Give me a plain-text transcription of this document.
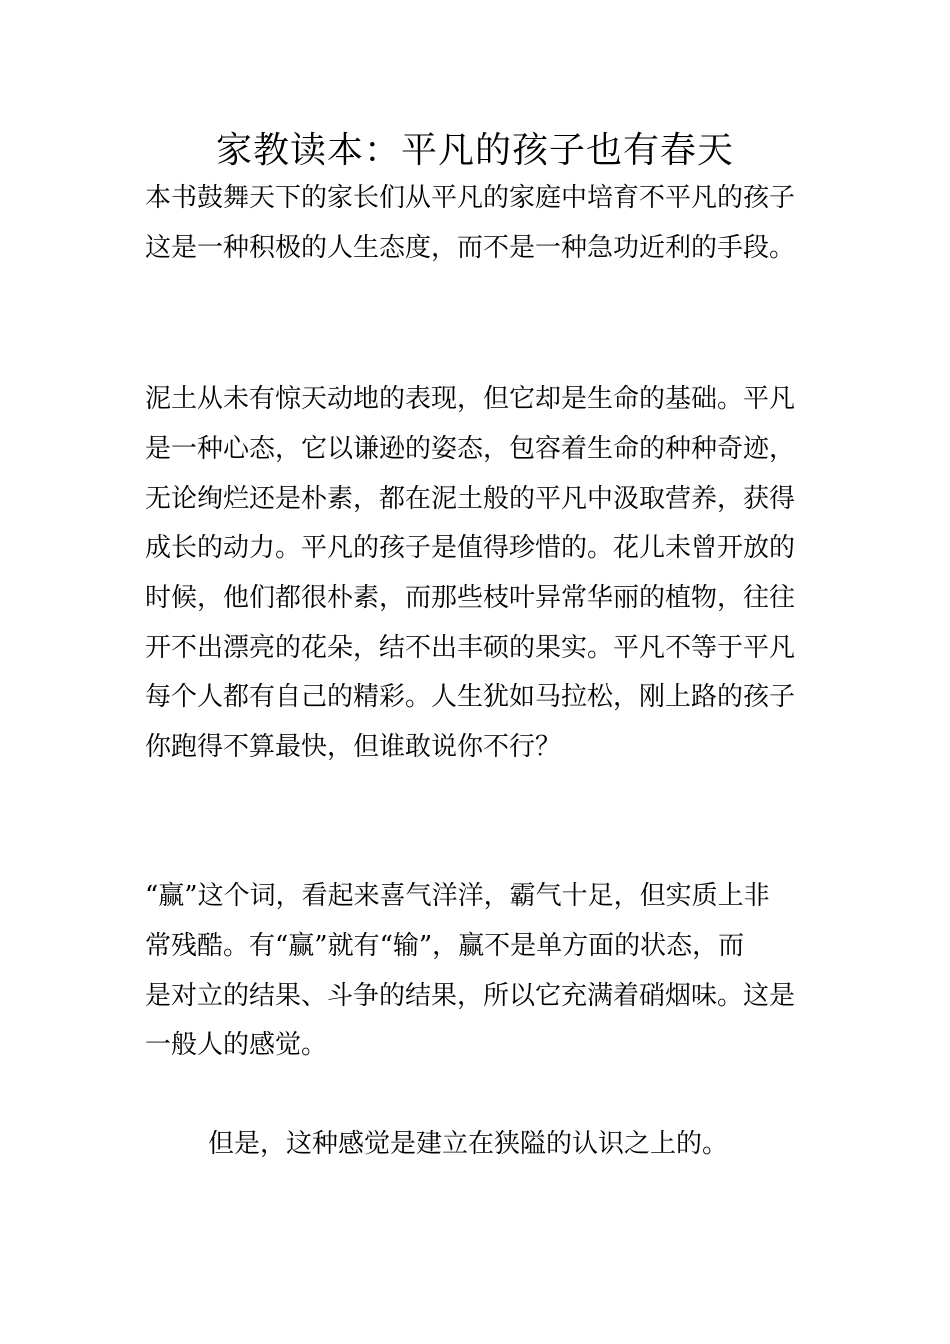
家教读本：平凡的孩子也有春天
本书鼓舞天下的家长们从平凡的家庭中培育不平凡的孩子
这是一种积极的人生态度，而不是一种急功近利的手段。
泥土从未有惊天动地的表现，但它却是生命的基础。平凡
是一种心态，它以谦逊的姿态，包容着生命的种种奇迹，
无论绚烂还是朴素，都在泥土般的平凡中汲取营养，获得
成长的动力。平凡的孩子是值得珍惜的。花儿未曾开放的
时候，他们都很朴素，而那些枝叶异常华丽的植物，往往
开不出漂亮的花朵，结不出丰硕的果实。平凡不等于平凡
每个人都有自己的精彩。人生犹如马拉松，刚上路的孩子
你跑得不算最快，但谁敢说你不行？
“赢”这个词，看起来喜气洋洋，霸气十足，但实质上非
常残酷。有“赢”就有“输”，赢不是单方面的状态，而
是对立的结果、斗争的结果，所以它充满着硝烟味。这是
一般人的感觉。
但是，这种感觉是建立在狭隘的认识之上的。
